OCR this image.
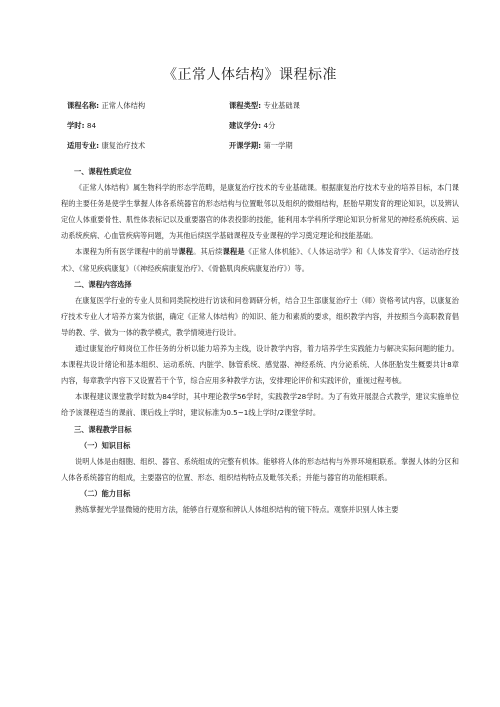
《正常人体结构》课程标准
课程名称: 正常人体结构	课程类型: 专业基础课
学时: 84	建议学分: 4分
适用专业: 康复治疗技术	开课学期: 第一学期
一、课程性质定位

《正常人体结构》属生物科学的形态学范畴，是康复治疗技术的专业基础课。根据康复治疗技术专业的培养目标，本门课程的主要任务是使学生掌握人体各系统器官的形态结构与位置毗邻以及组织的微细结构，胚胎早期发育的理论知识，以及辨认定位人体重要骨性、肌性体表标记以及重要器官的体表投影的技能，能利用本学科所学理论知识分析常见的神经系统疾病、运动系统疾病、心血管疾病等问题，为其他后续医学基础课程及专业课程的学习奠定理论和技能基础。

本课程为所有医学课程中的前导课程。其后续课程是《正常人体机能》、《人体运动学》和《人体发育学》、《运动治疗技术》、《常见疾病康复》（《神经疾病康复治疗》、《骨骼肌肉疾病康复治疗》）等。

二、课程内容选择

在康复医学行业的专业人员和同类院校进行访谈和问卷调研分析，结合卫生部康复治疗士（师）资格考试内容，以康复治疗技术专业人才培养方案为依据，确定《正常人体结构》的知识、能力和素质的要求，组织教学内容，并按照当今高职教育倡导的教、学、做为一体的教学模式，教学情境进行设计。

通过康复治疗师岗位工作任务的分析以能力培养为主线，设计教学内容，着力培养学生实践能力与解决实际问题的能力。本课程共设计绪论和基本组织、运动系统、内脏学、脉管系统、感觉器、神经系统、内分泌系统、人体胚胎发生概要共计8章内容，每章教学内容下又设置若干个节，综合应用多种教学方法，安排理论评价和实践评价，重视过程考核。

本课程建议课堂教学时数为84学时，其中理论教学56学时，实践教学28学时。为了有效开展混合式教学，建议实施单位给予该课程适当的课前、课后线上学时，建议标准为0.5~1线上学时/2课堂学时。

三、课程教学目标
（一）知识目标

说明人体是由细胞、组织、器官、系统组成的完整有机体。能够将人体的形态结构与外界环境相联系。掌握人体的分区和人体各系统器官的组成，主要器官的位置、形态、组织结构特点及毗邻关系；并能与器官的功能相联系。

（二）能力目标

熟练掌握光学显微镜的使用方法，能够自行观察和辨认人体组织结构的镜下特点。观察并识别人体主要
